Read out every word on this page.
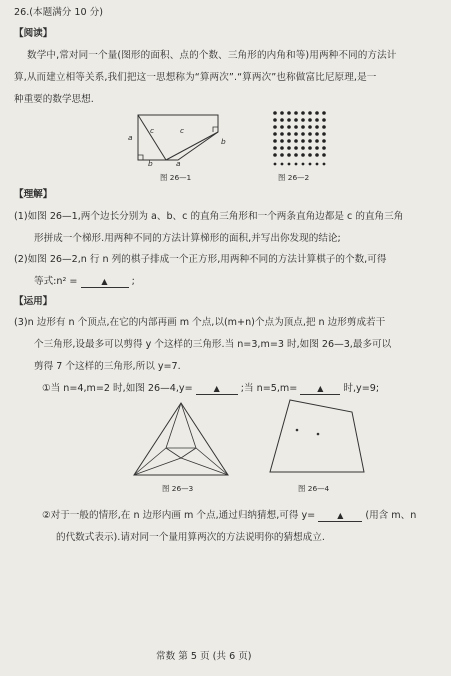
26.(本题满分 10 分)
【阅读】
数学中,常对同一个量(图形的面积、点的个数、三角形的内角和等)用两种不同的方法计
算,从而建立相等关系,我们把这一思想称为“算两次”.“算两次”也称做富比尼原理,是一
种重要的数学思想.
a
c	c
b
b	a
图 26—1	图 26—2
【理解】
(1)如图 26—1,两个边长分别为 a、b、c 的直角三角形和一个两条直角边都是 c 的直角三角
形拼成一个梯形.用两种不同的方法计算梯形的面积,并写出你发现的结论;
(2)如图 26—2,n 行 n 列的棋子排成一个正方形,用两种不同的方法计算棋子的个数,可得
等式:n² =	▲ ;
【运用】
(3)n 边形有 n 个顶点,在它的内部再画 m 个点,以(m+n)个点为顶点,把 n 边形剪成若干
个三角形,设最多可以剪得 y 个这样的三角形.当 n=3,m=3 时,如图 26—3,最多可以
剪得 7 个这样的三角形,所以 y=7.
①当 n=4,m=2 时,如图 26—4,y=	▲ ;当 n=5,m= ▲ 时,y=9;
图 26—3	图 26—4
②对于一般的情形,在 n 边形内画 m 个点,通过归纳猜想,可得 y=	▲ (用含 m、n
的代数式表示).请对同一个量用算两次的方法说明你的猜想成立.
常数 第 5 页 (共 6 页)
